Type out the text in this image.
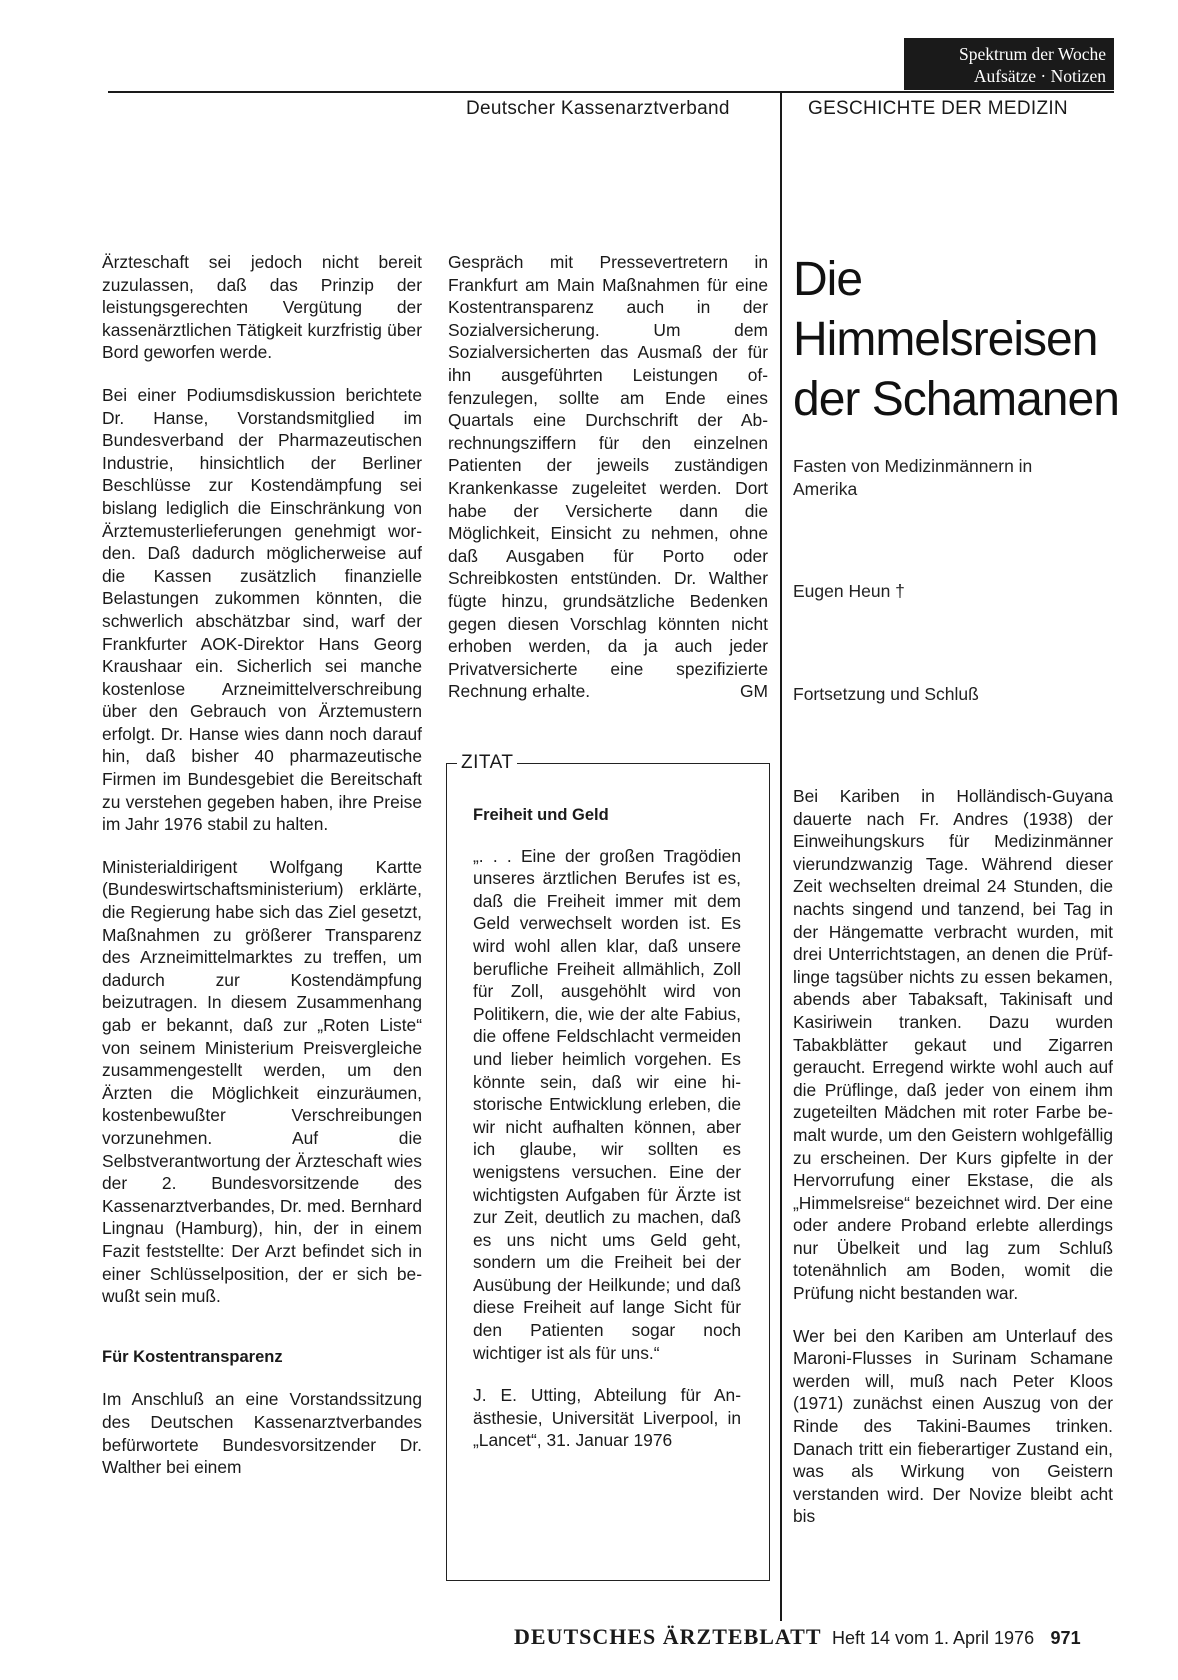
Spektrum der Woche
Aufsätze · Notizen
Deutscher Kassenarztverband	GESCHICHTE DER MEDIZIN

Ärzteschaft sei jedoch nicht bereit zuzulassen, daß das Prinzip der leistungsgerechten Vergütung der kassenärztlichen Tätigkeit kurzfristig über Bord geworfen werde.

Bei einer Podiumsdiskussion berichtete Dr. Hanse, Vorstandsmitglied im Bundesverband der Pharmazeutischen Industrie, hinsichtlich der Berliner Beschlüsse zur Kostendämpfung sei bislang lediglich die Einschränkung von Ärztemusterlieferungen genehmigt worden. Daß dadurch möglicherweise auf die Kassen zusätzlich finanzielle Belastungen zukommen könnten, die schwerlich abschätzbar sind, warf der Frankfurter AOK-Direktor Hans Georg Kraushaar ein. Sicherlich sei manche kostenlose Arzneimittelverschreibung über den Gebrauch von Ärztemustern erfolgt. Dr. Hanse wies dann noch darauf hin, daß bisher 40 pharmazeutische Firmen im Bundesgebiet die Bereitschaft zu verstehen gegeben haben, ihre Preise im Jahr 1976 stabil zu halten.

Ministerialdirigent Wolfgang Kartte (Bundeswirtschaftsministerium) erklärte, die Regierung habe sich das Ziel gesetzt, Maßnahmen zu größerer Transparenz des Arzneimittelmarktes zu treffen, um dadurch zur Kostendämpfung beizutragen. In diesem Zusammenhang gab er bekannt, daß zur „Roten Liste“ von seinem Ministerium Preisvergleiche zusammengestellt werden, um den Ärzten die Möglichkeit einzuräumen, kostenbewußter Verschreibungen vorzunehmen. Auf die Selbstverantwortung der Ärzteschaft wies der 2. Bundesvorsitzende des Kassenarztverbandes, Dr. med. Bernhard Lingnau (Hamburg), hin, der in einem Fazit feststellte: Der Arzt befindet sich in einer Schlüsselposition, der er sich bewußt sein muß.

Für Kostentransparenz

Im Anschluß an eine Vorstandssitzung des Deutschen Kassenarztverbandes befürwortete Bundesvorsitzender Dr. Walther bei einem

Gespräch mit Pressevertretern in Frankfurt am Main Maßnahmen für eine Kostentransparenz auch in der Sozialversicherung. Um dem Sozialversicherten das Ausmaß der für ihn ausgeführten Leistungen offenzulegen, sollte am Ende eines Quartals eine Durchschrift der Abrechnungsziffern für den einzelnen Patienten der jeweils zuständigen Krankenkasse zugeleitet werden. Dort habe der Versicherte dann die Möglichkeit, Einsicht zu nehmen, ohne daß Ausgaben für Porto oder Schreibkosten entstünden. Dr. Walther fügte hinzu, grundsätzliche Bedenken gegen diesen Vorschlag könnten nicht erhoben werden, da ja auch jeder Privatversicherte eine spezifizierte Rechnung erhalte.	GM
ZITAT
Freiheit und Geld

„. . . Eine der großen Tragödien unseres ärztlichen Berufes ist es, daß die Freiheit immer mit dem Geld verwechselt worden ist. Es wird wohl allen klar, daß unsere berufliche Freiheit allmählich, Zoll für Zoll, ausgehöhlt wird von Politikern, die, wie der alte Fabius, die offene Feldschlacht vermeiden und lieber heimlich vorgehen. Es könnte sein, daß wir eine historische Entwicklung erleben, die wir nicht aufhalten können, aber ich glaube, wir sollten es wenigstens versuchen. Eine der wichtigsten Aufgaben für Ärzte ist zur Zeit, deutlich zu machen, daß es uns nicht ums Geld geht, sondern um die Freiheit bei der Ausübung der Heilkunde; und daß diese Freiheit auf lange Sicht für den Patienten sogar noch wichtiger ist als für uns.“

J. E. Utting, Abteilung für Anästhesie, Universität Liverpool, in „Lancet“, 31. Januar 1976

Die
Himmelsreisen
der Schamanen
Fasten von Medizinmännern in Amerika
Eugen Heun †
Fortsetzung und Schluß

Bei Kariben in Holländisch-Guyana dauerte nach Fr. Andres (1938) der Einweihungskurs für Medizinmänner vierundzwanzig Tage. Während dieser Zeit wechselten dreimal 24 Stunden, die nachts singend und tanzend, bei Tag in der Hängematte verbracht wurden, mit drei Unterrichtstagen, an denen die Prüflinge tagsüber nichts zu essen bekamen, abends aber Tabaksaft, Takinisaft und Kasiriwein tranken. Dazu wurden Tabakblätter gekaut und Zigarren geraucht. Erregend wirkte wohl auch auf die Prüflinge, daß jeder von einem ihm zugeteilten Mädchen mit roter Farbe bemalt wurde, um den Geistern wohlgefällig zu erscheinen. Der Kurs gipfelte in der Hervorrufung einer Ekstase, die als „Himmelsreise“ bezeichnet wird. Der eine oder andere Proband erlebte allerdings nur Übelkeit und lag zum Schluß totenähnlich am Boden, womit die Prüfung nicht bestanden war.

Wer bei den Kariben am Unterlauf des Maroni-Flusses in Surinam Schamane werden will, muß nach Peter Kloos (1971) zunächst einen Auszug von der Rinde des Takini-Baumes trinken. Danach tritt ein fieberartiger Zustand ein, was als Wirkung von Geistern verstanden wird. Der Novize bleibt acht bis

DEUTSCHES ÄRZTEBLATT Heft 14 vom 1. April 1976 971
